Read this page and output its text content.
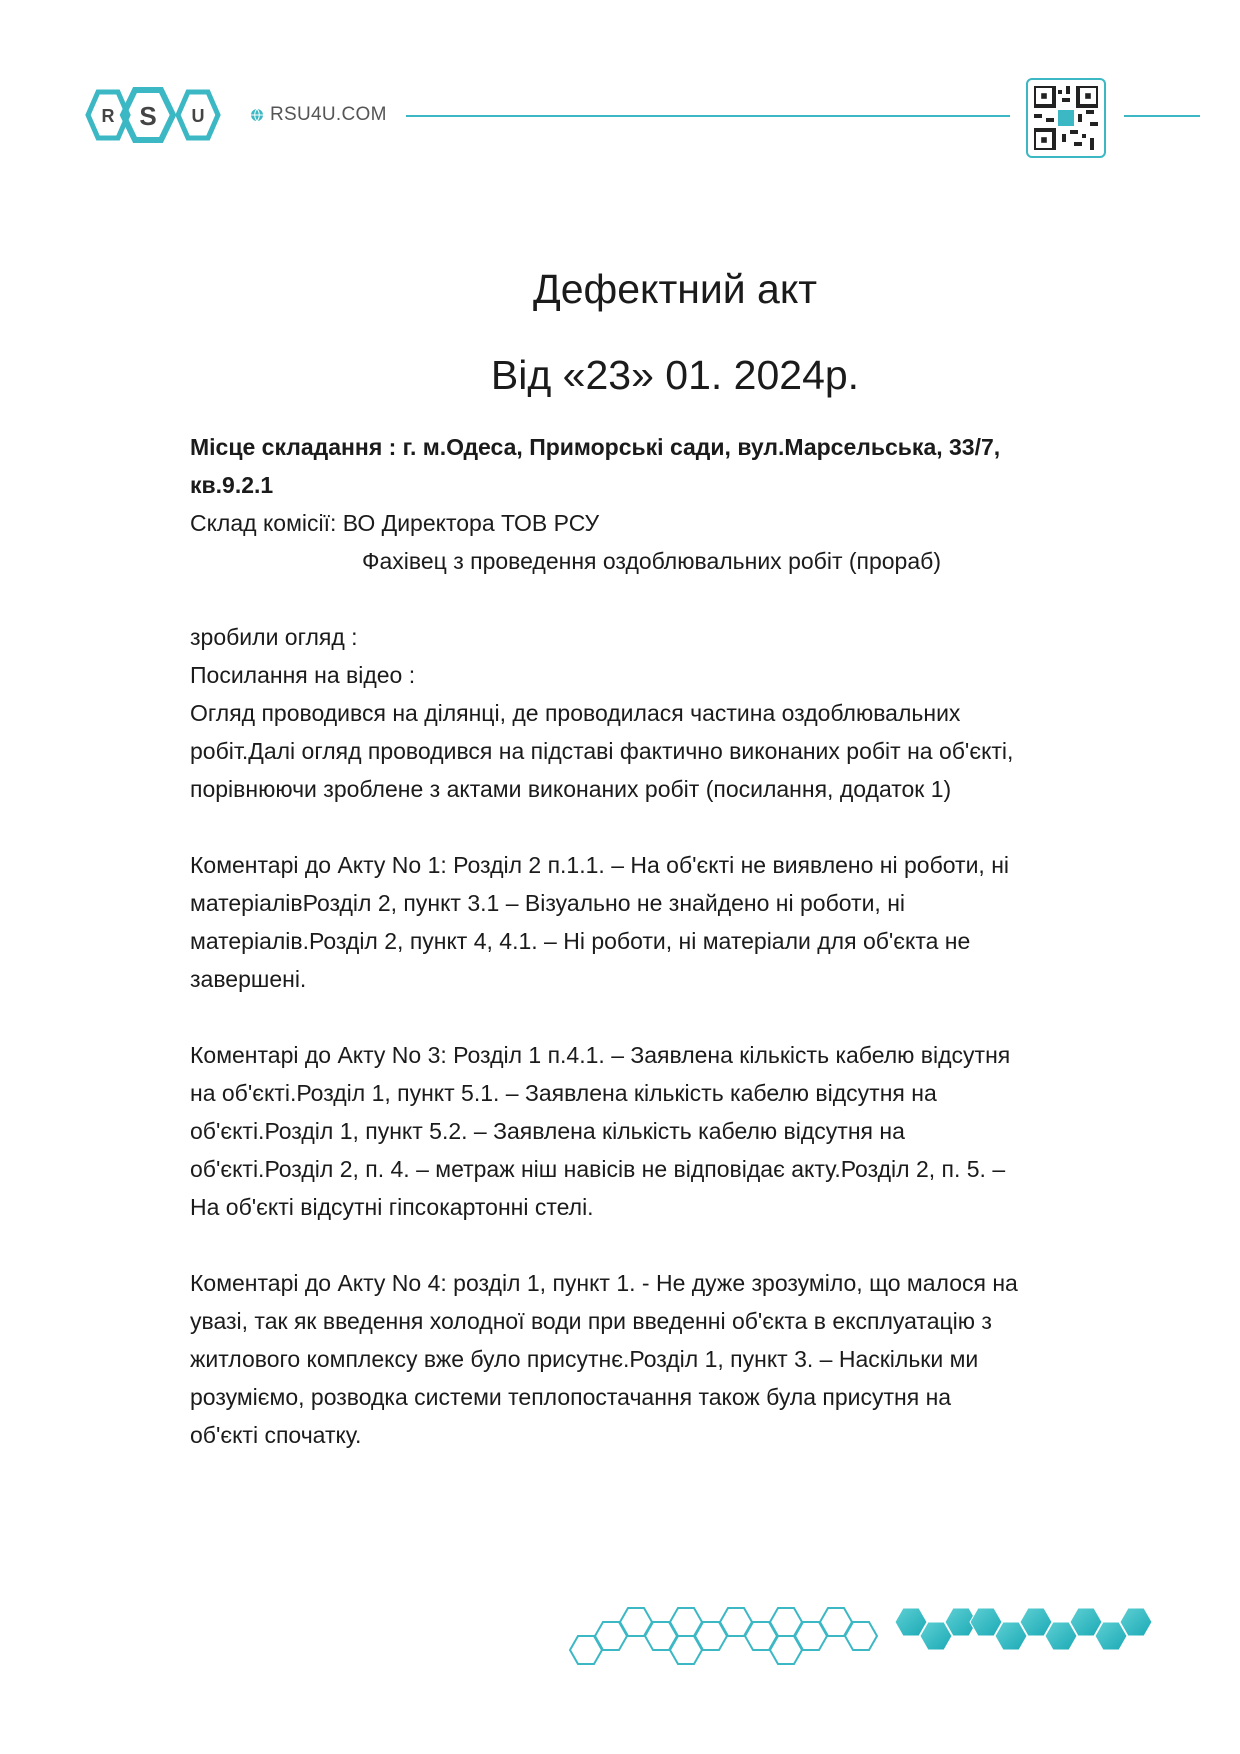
R S U	RSU4U.COM
Дефектний акт
Від «23» 01. 2024р.

Місце складання : г. м.Одеса, Приморські сади, вул.Марсельська, 33/7,

кв.9.2.1

Склад комісії: ВО Директора ТОВ РСУ

Фахівец з проведення оздоблювальних робіт (прораб)

зробили огляд :

Посилання на відео :

Огляд проводився на ділянці, де проводилася частина оздоблювальних

робіт.Далі огляд проводився на підставі фактично виконаних робіт на об'єкті,

порівнюючи зроблене з актами виконаних робіт (посилання, додаток 1)

Коментарі до Акту No 1: Розділ 2 п.1.1. – На об'єкті не виявлено ні роботи, ні

матеріалівРозділ 2, пункт 3.1 – Візуально не знайдено ні роботи, ні

матеріалів.Розділ 2, пункт 4, 4.1. – Ні роботи, ні матеріали для об'єкта не

завершені.

Коментарі до Акту No 3: Розділ 1 п.4.1. – Заявлена кількість кабелю відсутня

на об'єкті.Розділ 1, пункт 5.1. – Заявлена кількість кабелю відсутня на

об'єкті.Розділ 1, пункт 5.2. – Заявлена кількість кабелю відсутня на

об'єкті.Розділ 2, п. 4. – метраж ніш навісів не відповідає акту.Розділ 2, п. 5. –

На об'єкті відсутні гіпсокартонні стелі.

Коментарі до Акту No 4: розділ 1, пункт 1. - Не дуже зрозуміло, що малося на

увазі, так як введення холодної води при введенні об'єкта в експлуатацію з

житлового комплексу вже було присутнє.Розділ 1, пункт 3. – Наскільки ми

розуміємо, розводка системи теплопостачання також була присутня на

об'єкті спочатку.
